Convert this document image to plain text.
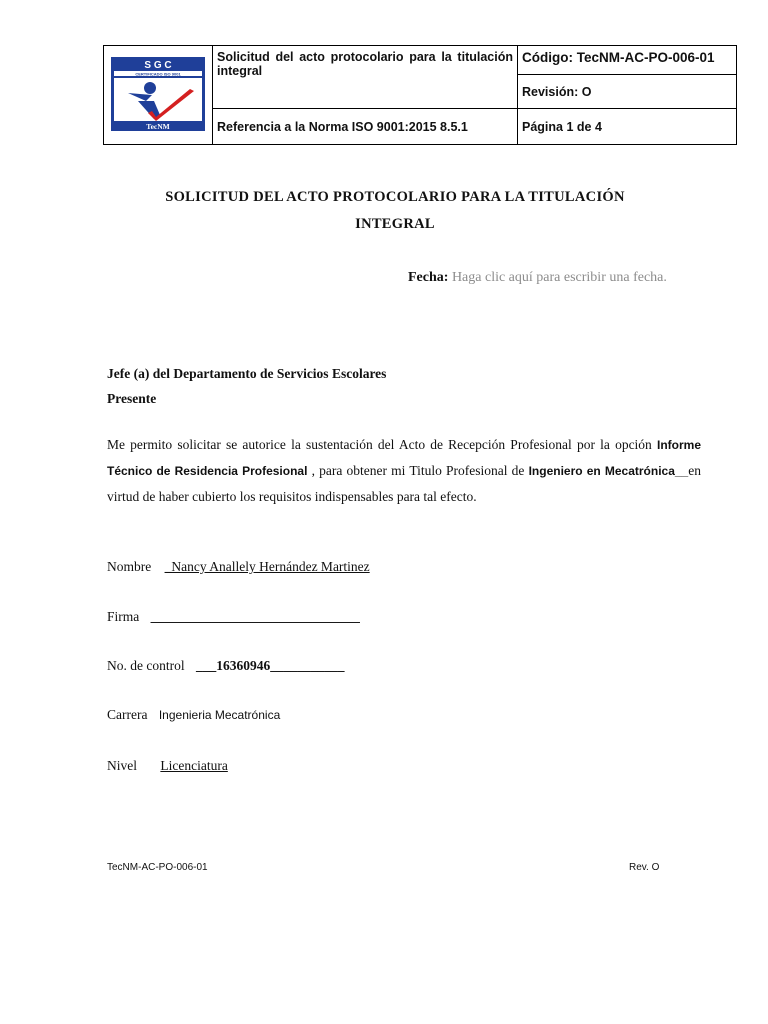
S G C
CERTIFICADO ISO 9001
TecNM	Solicitud del acto protocolario para la titulación integral	Código: TecNM-AC-PO-006-01
		Revisión: O
	Referencia a la Norma ISO 9001:2015 8.5.1	Página 1 de 4
SOLICITUD DEL ACTO PROTOCOLARIO PARA LA TITULACIÓN
INTEGRAL
Fecha: Haga clic aquí para escribir una fecha.
Jefe (a) del Departamento de Servicios Escolares
Presente
Me permito solicitar se autorice la sustentación del Acto de Recepción Profesional por la opción Informe Técnico de Residencia Profesional , para obtener mi Titulo Profesional de Ingeniero en Mecatrónica__en virtud de haber cubierto los requisitos indispensables para tal efecto.
Nombre _Nancy Anallely Hernández Martinez
Firma _______________________________
No. de control ___16360946___________
Carrera Ingenieria Mecatrónica
Nivel Licenciatura
TecNM-AC-PO-006-01	Rev. O
